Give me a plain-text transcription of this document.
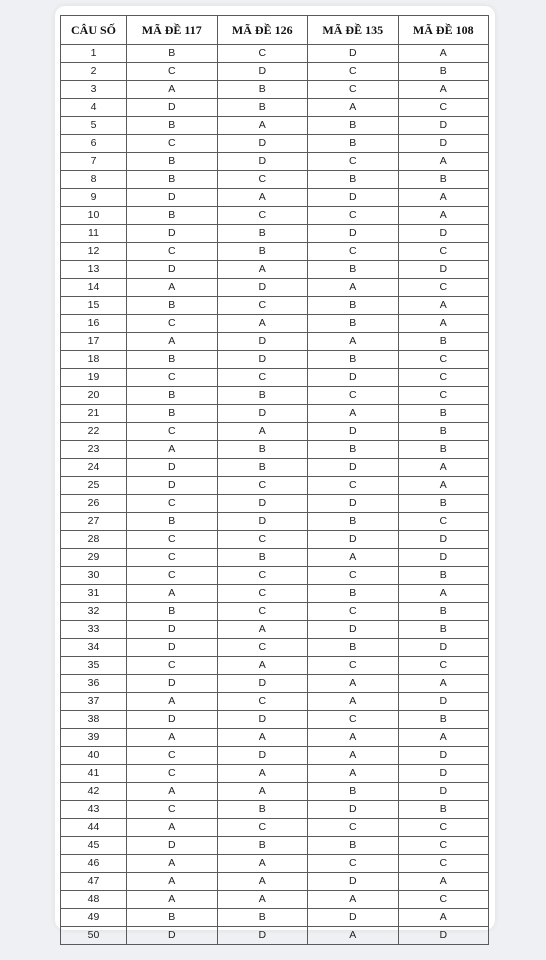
CÂU SỐ	MÃ ĐỀ 117	MÃ ĐỀ 126	MÃ ĐỀ 135	MÃ ĐỀ 108
1	B	C	D	A
2	C	D	C	B
3	A	B	C	A
4	D	B	A	C
5	B	A	B	D
6	C	D	B	D
7	B	D	C	A
8	B	C	B	B
9	D	A	D	A
10	B	C	C	A
11	D	B	D	D
12	C	B	C	C
13	D	A	B	D
14	A	D	A	C
15	B	C	B	A
16	C	A	B	A
17	A	D	A	B
18	B	D	B	C
19	C	C	D	C
20	B	B	C	C
21	B	D	A	B
22	C	A	D	B
23	A	B	B	B
24	D	B	D	A
25	D	C	C	A
26	C	D	D	B
27	B	D	B	C
28	C	C	D	D
29	C	B	A	D
30	C	C	C	B
31	A	C	B	A
32	B	C	C	B
33	D	A	D	B
34	D	C	B	D
35	C	A	C	C
36	D	D	A	A
37	A	C	A	D
38	D	D	C	B
39	A	A	A	A
40	C	D	A	D
41	C	A	A	D
42	A	A	B	D
43	C	B	D	B
44	A	C	C	C
45	D	B	B	C
46	A	A	C	C
47	A	A	D	A
48	A	A	A	C
49	B	B	D	A
50	D	D	A	D
